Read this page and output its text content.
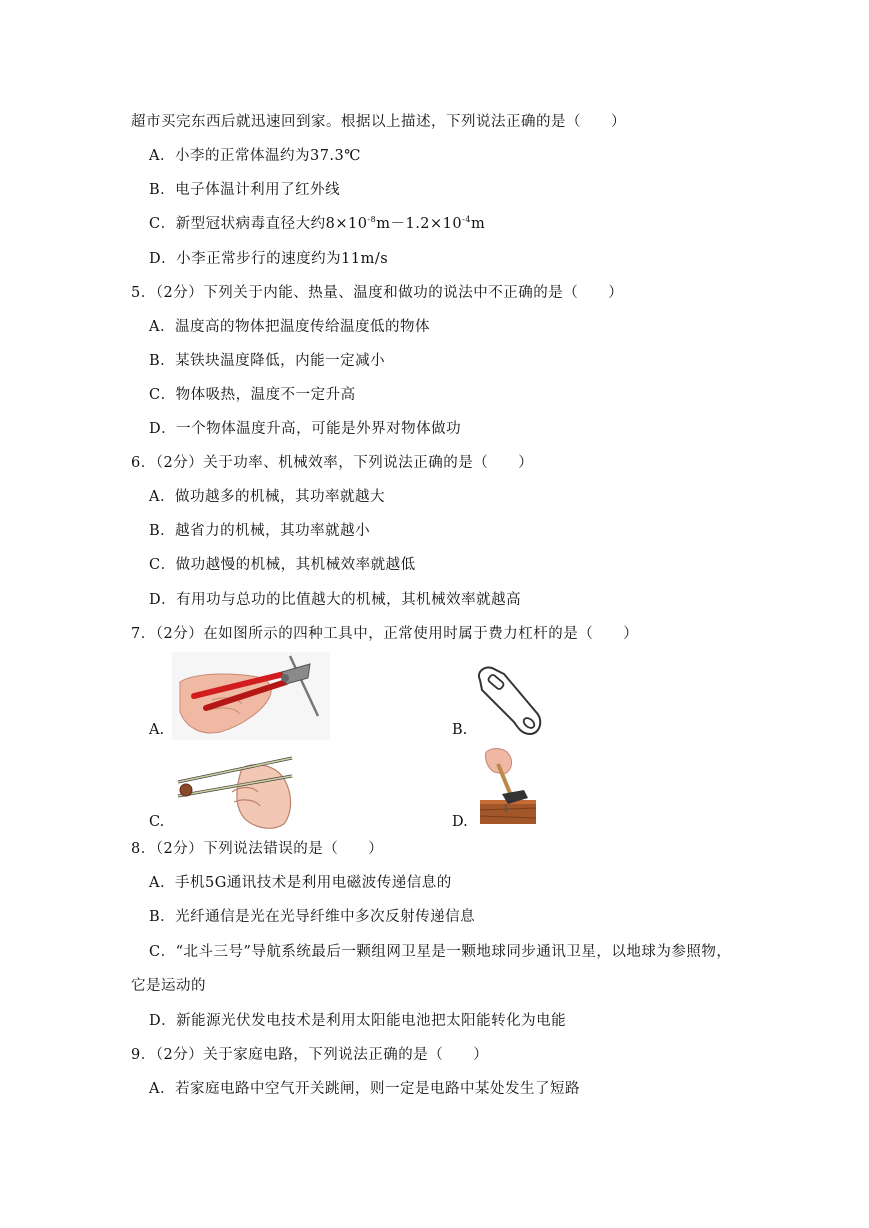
超市买完东西后就迅速回到家。根据以上描述，下列说法正确的是（　　）
A．小李的正常体温约为37.3℃
B．电子体温计利用了红外线
C．新型冠状病毒直径大约$8\times 10^{-8}m-1.2\times 10^{-4}m$
D．小李正常步行的速度约为11m/s
5．（2分）下列关于内能、热量、温度和做功的说法中不正确的是（　　）
A．温度高的物体把温度传给温度低的物体
B．某铁块温度降低，内能一定减小
C．物体吸热，温度不一定升高
D．一个物体温度升高，可能是外界对物体做功
6．（2分）关于功率、机械效率，下列说法正确的是（　　）
A．做功越多的机械，其功率就越大
B．越省力的机械，其功率就越小
C．做功越慢的机械，其机械效率就越低
D．有用功与总功的比值越大的机械，其机械效率就越高
7．（2分）在如图所示的四种工具中，正常使用时属于费力杠杆的是（　　）
A.	B.
C.	D.
8．（2分）下列说法错误的是（　　）
A．手机5G通讯技术是利用电磁波传递信息的
B．光纤通信是光在光导纤维中多次反射传递信息
C．“北斗三号”导航系统最后一颗组网卫星是一颗地球同步通讯卫星，以地球为参照物，
它是运动的
D．新能源光伏发电技术是利用太阳能电池把太阳能转化为电能
9．（2分）关于家庭电路，下列说法正确的是（　　）
A．若家庭电路中空气开关跳闸，则一定是电路中某处发生了短路
